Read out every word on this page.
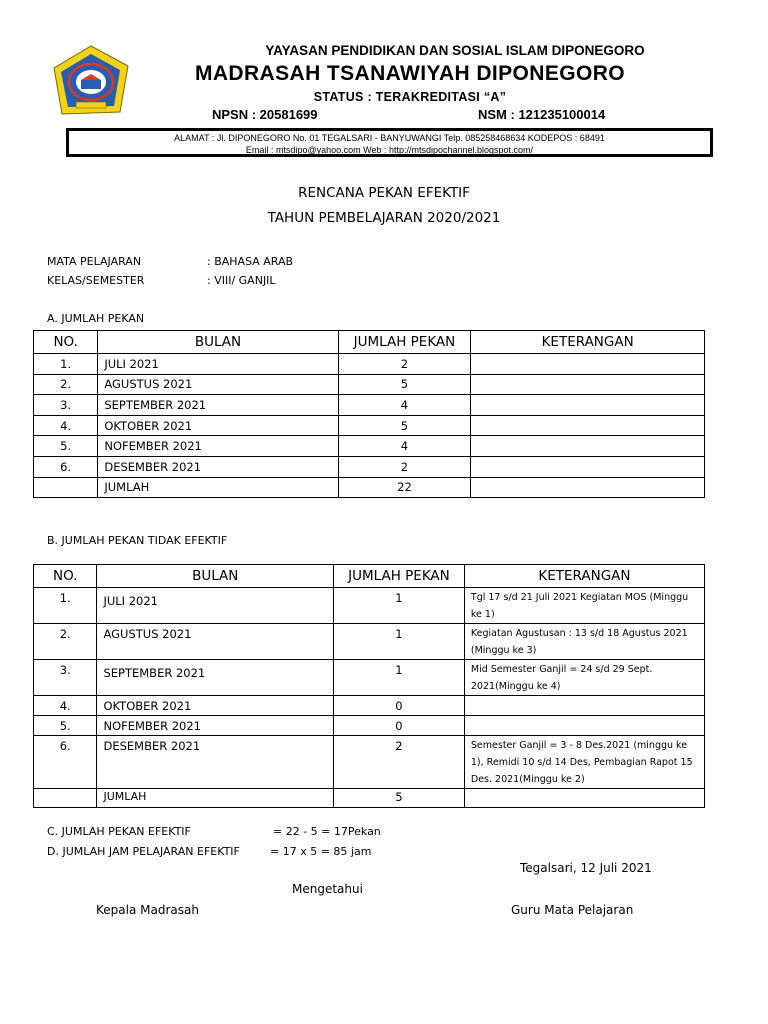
YAYASAN PENDIDIKAN DAN SOSIAL ISLAM DIPONEGORO
MADRASAH TSANAWIYAH DIPONEGORO
STATUS : TERAKREDITASI “A”
NPSN : 20581699	NSM : 121235100014
ALAMAT : Jl. DIPONEGORO No. 01 TEGALSARI - BANYUWANGI Telp. 085258468634 KODEPOS : 68491
Email : mtsdipo@yahoo.com Web : http://mtsdipochannel.blogspot.com/
RENCANA PEKAN EFEKTIF
TAHUN PEMBELAJARAN 2020/2021
MATA PELAJARAN	: BAHASA ARAB
KELAS/SEMESTER	: VIII/ GANJIL
A. JUMLAH PEKAN
NO.	BULAN	JUMLAH PEKAN	KETERANGAN
1.	JULI 2021	2	
2.	AGUSTUS 2021	5	
3.	SEPTEMBER 2021	4	
4.	OKTOBER 2021	5	
5.	NOFEMBER 2021	4	
6.	DESEMBER 2021	2	
	JUMLAH	22	
B. JUMLAH PEKAN TIDAK EFEKTIF
NO.	BULAN	JUMLAH PEKAN	KETERANGAN
1.	JULI 2021	1	Tgl 17 s/d 21 Juli 2021 Kegiatan MOS (Minggu ke 1)
2.	AGUSTUS 2021	1	Kegiatan Agustusan : 13 s/d 18 Agustus 2021 (Minggu ke 3)
3.	SEPTEMBER 2021	1	Mid Semester Ganjil = 24 s/d 29 Sept. 2021(Minggu ke 4)
4.	OKTOBER 2021	0	
5.	NOFEMBER 2021	0	
6.	DESEMBER 2021	2	Semester Ganjil = 3 - 8 Des.2021 (minggu ke 1), Remidi 10 s/d 14 Des, Pembagian Rapot 15 Des. 2021(Minggu ke 2)
	JUMLAH	5	
C. JUMLAH PEKAN EFEKTIF	= 22 - 5 = 17Pekan
D. JUMLAH JAM PELAJARAN EFEKTIF	= 17 x 5 = 85 jam
Tegalsari, 12 Juli 2021
Mengetahui
Kepala Madrasah	Guru Mata Pelajaran
